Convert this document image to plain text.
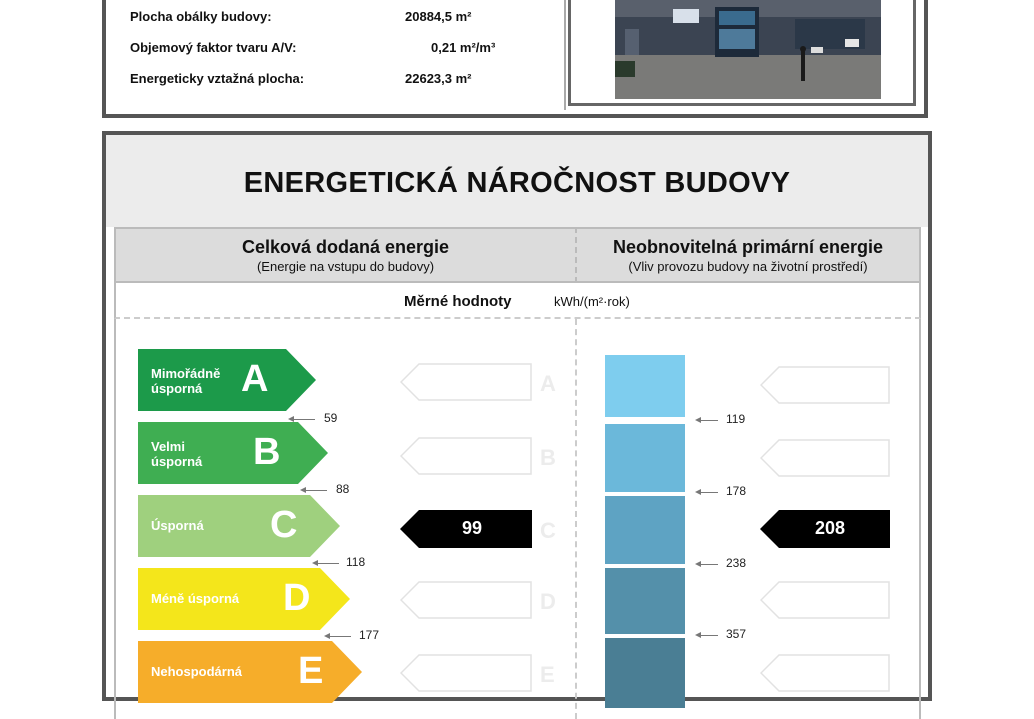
Plocha obálky budovy:	20884,5 m²
Objemový faktor tvaru A/V:	0,21 m²/m³
Energeticky vztažná plocha:	22623,3 m²
ENERGETICKÁ NÁROČNOST BUDOVY
Celková dodaná energie
(Energie na vstupu do budovy)
Neobnovitelná primární energie
(Vliv provozu budovy na životní prostředí)
Měrné hodnoty	kWh/(m²·rok)
Mimořádně
úsporná	A
Velmi
úsporná B
Úsporná C
Méně úsporná D
Nehospodárná E
59
88
118
177
A
B
99	C
D
E
119
178
238
357
208
